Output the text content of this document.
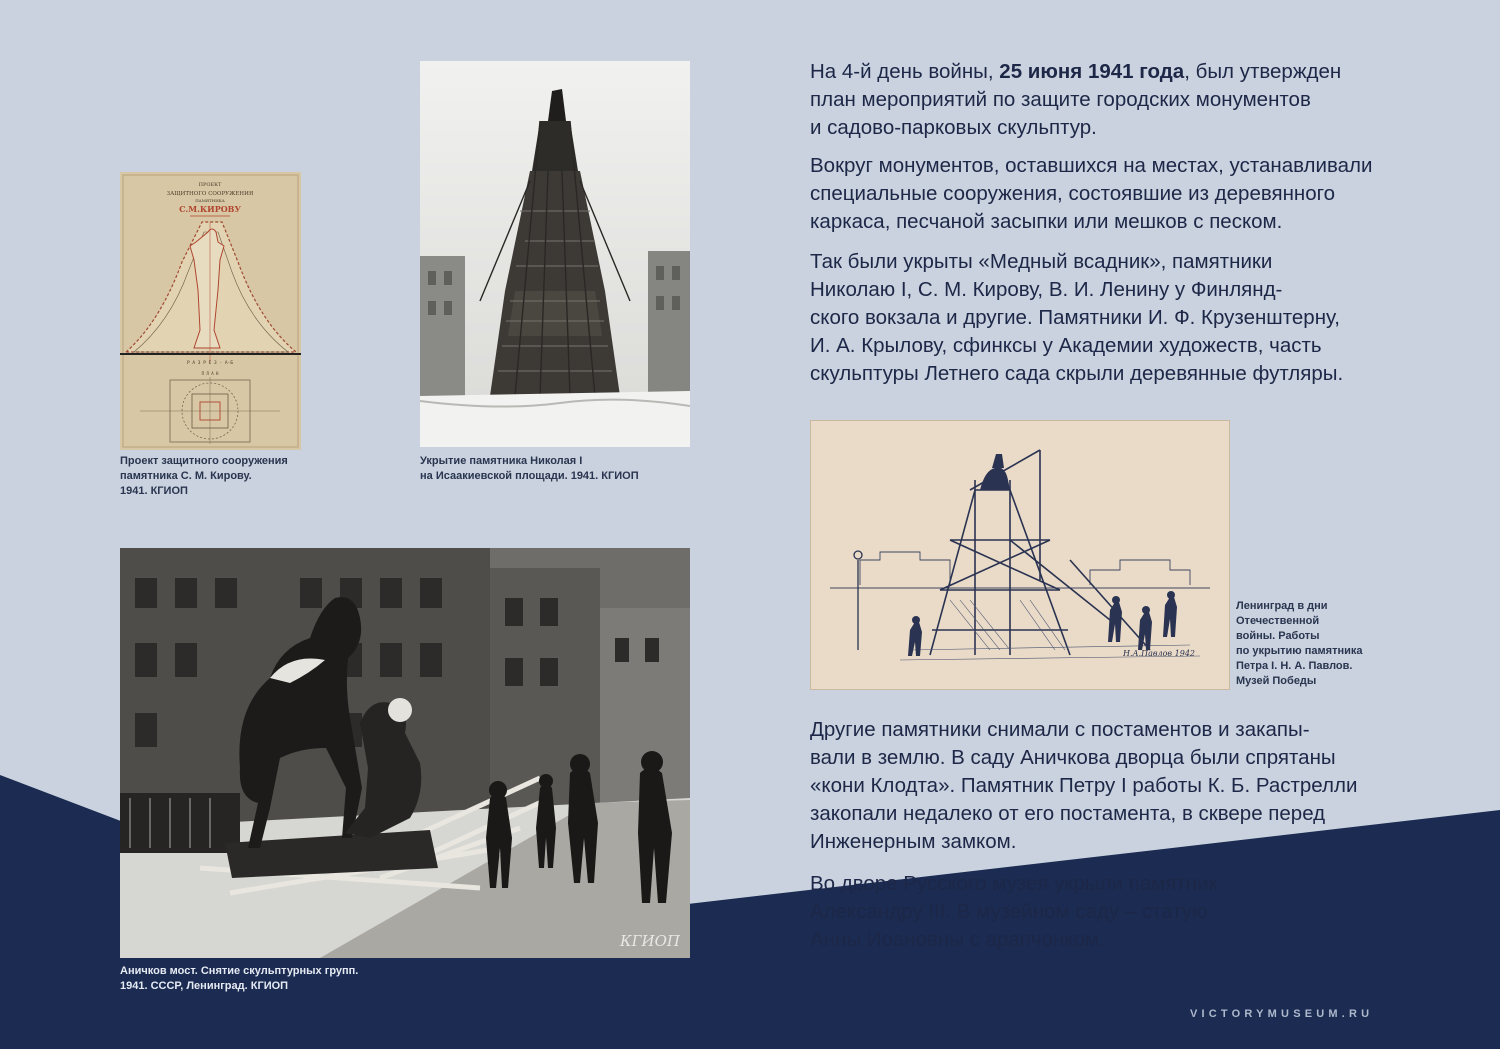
ПРОЕКТ
ЗАЩИТНОГО СООРУЖЕНИЯ
ПАМЯТНИКА
С.М.КИРОВУ
Р А З Р Е З · А-Б
П Л А Н
Проект защитного сооружения
памятника С. М. Кирову.
1941. КГИОП
Укрытие памятника Николая I
на Исаакиевской площади. 1941. КГИОП
КГИОП
Аничков мост. Снятие скульптурных групп.
1941. СССР, Ленинград. КГИОП
Н.А.Павлов 1942
Ленинград в дни
Отечественной
войны. Работы
по укрытию памятника
Петра I. Н. А. Павлов.
Музей Победы
На 4-й день войны, 25 июня 1941 года, был утвержден
план мероприятий по защите городских монументов
и садово-парковых скульптур.
Вокруг монументов, оставшихся на местах, устанавливали
специальные сооружения, состоявшие из деревянного
каркаса, песчаной засыпки или мешков с песком.
Так были укрыты «Медный всадник», памятники
Николаю I, С. М. Кирову, В. И. Ленину у Финлянд-
ского вокзала и другие. Памятники И. Ф. Крузенштерну,
И. А. Крылову, сфинксы у Академии художеств, часть
скульптуры Летнего сада скрыли деревянные футляры.
Другие памятники снимали с постаментов и закапы-
вали в землю. В саду Аничкова дворца были спрятаны
«кони Клодта». Памятник Петру I работы К. Б. Растрелли
закопали недалеко от его постамента, в сквере перед
Инженерным замком.
Во дворе Русского музея укрыли памятник
Александру III. В музейном саду – статую
Анны Иоановны с арапчонком.
VICTORYMUSEUM.RU
